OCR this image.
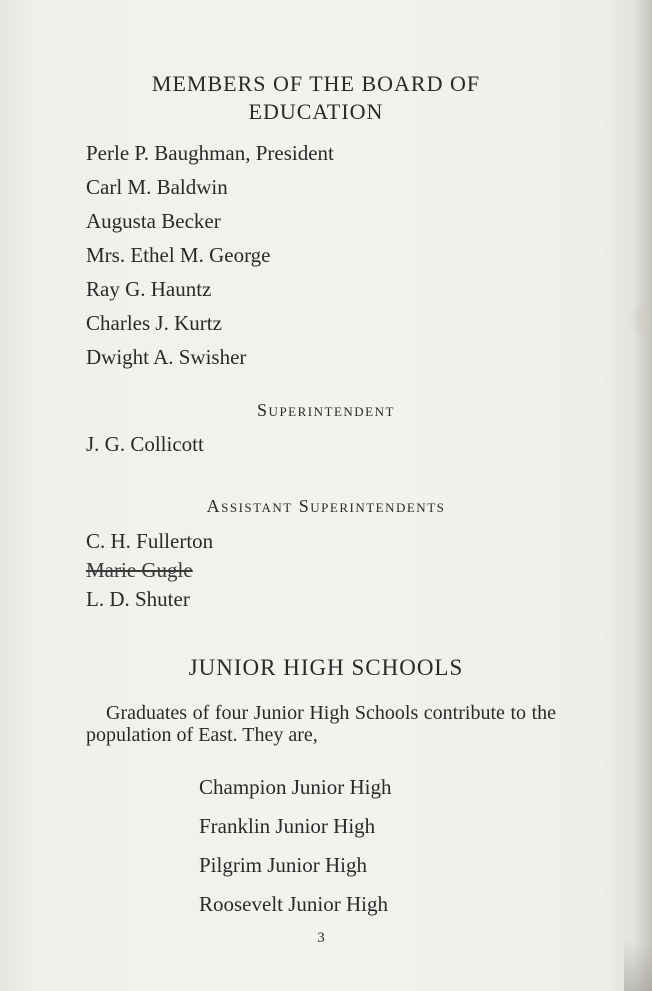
MEMBERS OF THE BOARD OF
EDUCATION
Perle P. Baughman, President
Carl M. Baldwin
Augusta Becker
Mrs. Ethel M. George
Ray G. Hauntz
Charles J. Kurtz
Dwight A. Swisher
Superintendent
J. G. Collicott
Assistant Superintendents
C. H. Fullerton
Marie Gugle
L. D. Shuter
JUNIOR HIGH SCHOOLS

Graduates of four Junior High Schools contribute to the population of East. They are,

Champion Junior High
Franklin Junior High
Pilgrim Junior High
Roosevelt Junior High
3
